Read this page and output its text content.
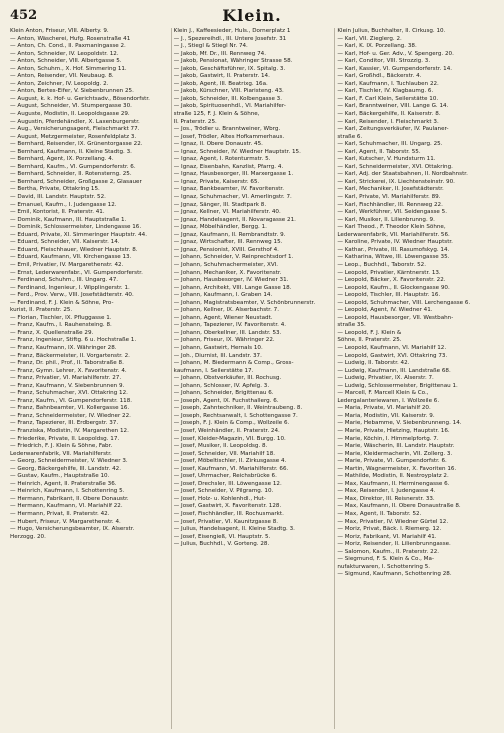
452	Klein.
Klein Anton, Friseur, VIII. Alberty. 9.
— Anton, Wäscherei, Hufg. Rosenstraße 41
— Anton, Ch. Cond., II. Paxmaningasse 2.
— Anton, Schneider, IV. Leopoldstr. 12.
— Anton, Schneider, VIII. Albertgasse 5.
— Anton, Schuhm., X. Hof. Simmering 11.
— Anton, Reisender, VII. Neubaug. 8.
— Anton, Zeichner, IV. Leopoldg. 2.
— Anton, Bertes-Eifer, V. Siebenbrunnen 25.
— August, k. k. Hof- u. Gerichtsadv., Bösendorfstr.
— August, Schneider, VI. Stumpergasse 30.
— Auguste, Modistin, II. Leopoldsgasse 29.
— Augustin, Pferdehändler, X. Laxenburgerstr.
— Aug., Versicherungsagent, Fleischmarkt 77.
— August, Metzgermeister, Rosenfeldplatz 3.
— Bernhard, Reisender, IX. Grünentorgasse 22.
— Bernhard, Kaufmann, II. Kleine Stadtg. 3.
— Bernhard, Agent, IX. Porzellang. 4.
— Bernhard, Kaufm., VI. Gumpendorferstr. 6.
— Bernhard, Schneider, II. Rotensterng. 25.
— Bernhard, Schneider, Großgasse 2, Glasauer
— Bertha, Private, Ottakring 15.
— David, III. Landstr. Hauptstr. 52.
— Emanuel, Kaufm., I. Judengasse 12.
— Emil, Kontorist, II. Praterstr. 41.
— Dominik, Kaufmann, III. Hauptstraße 1.
— Dominik, Schlossermeister, Lindengasse 16.
— Eduard, Private, XI. Simmeringer Hauptstr. 44.
— Eduard, Schneider, VII. Kaiserstr. 14.
— Eduard, Fleischhauer, Wiedner Hauptstr. 8.
— Eduard, Kaufmann, VII. Kirchengasse 13.
— Emil, Privatier, IV. Margarethenstr. 42.
— Ernst, Lederwarenfabr., VI. Gumpendorferstr.
— Ferdinand, Schuhm., III. Ungarg. 47.
— Ferdinand, Ingenieur, I. Wipplingerstr. 1.
— Ferd., Prov. Verw., VIII. Josefstädterstr. 40.
— Ferdinand, F. J. Klein & Söhne, Pro-
kurist, II. Praterstr. 25.
— Florian, Tischler, IX. Pfluggasse 1.
— Franz, Kaufm., I. Rauhensteing. 8.
— Franz, X. Quellenstraße 29.
— Franz, Ingenieur, Stiftg. 6 u. Hochstraße 1.
— Franz, Kaufmann, IX. Währinger 28.
— Franz, Bäckermeister, II. Vorgartenstr. 2.
— Franz, Dr. phil., Prof., II. Taborstraße 8.
— Franz, Gymn. Lehrer, X. Favoritenstr. 4.
— Franz, Privatier, VI. Mariahilferstr. 27.
— Franz, Kaufmann, V. Siebenbrunnen 9.
— Franz, Schuhmacher, XVI. Ottakring 12.
— Franz, Kaufm., VI. Gumpendorferstr. 118.
— Franz, Bahnbeamter, VI. Kollergasse 16.
— Franz, Schneidermeister, IV. Wiedner 22.
— Franz, Tapezierer, III. Erdbergstr. 37.
— Franziska, Modistin, IV. Margarethen 12.
— Friederike, Private, II. Leopoldsg. 17.
— Friedrich, F. J. Klein & Söhne, Fabr.
Lederwarenfabrik, VII. Mariahilferstr.
— Georg, Schneidermeister, V. Wiedner 3.
— Georg, Bäckergehilfe, III. Landstr. 42.
— Gustav, Kaufm., Hauptstraße 10.
— Heinrich, Agent, II. Praterstraße 36.
— Heinrich, Kaufmann, I. Schottenring 5.
— Hermann, Fabrikant, II. Obere Donaustr.
— Hermann, Kaufmann, VI. Mariahilf 22.
— Hermann, Privat, II. Praterstr. 42.
— Hubert, Friseur, V. Margarethenstr. 4.
— Hugo, Versicherungsbeamter, IX. Alserstr.
Herzogg. 20.
Klein J., Kaffeesieder, Huls., Dornerplatz 1
— J., Spezereihdl., III. Untere Josefstr. 31
— J., Stiegl & Stiegl Nr. 74.
— Jakob, Mf. Dr., III. Rennweg 74.
— Jakob, Pensionat, Währinger Strasse 58.
— Jakob, Geschäftsführer, IX. Spitalg. 3.
— Jakob, Gastwirt, II. Praterstr. 14.
— Jakob, Agent, III. Beatrixg. 16a.
— Jakob, Kürschner, VIII. Piaristeng. 43.
— Jakob, Schneider, III. Kolbengasse 3.
— Jakob, Spirituosenhdl., VI. Mariahilfer-
straße 125, F. J. Klein & Söhne,
II. Praterstr. 25.
— Jos., Trödler u. Branntweiner, Wbrg.
— Josef, Trödler, Altes Hofkammerhaus.
— Ignaz, II. Obere Donaustr. 45.
— Ignaz, Schneider, IV. Wiedner Hauptstr. 15.
— Ignaz, Agent, I. Rotenturmstr. 5.
— Ignaz, Eisenbahn, Kanzlist, Pfarrg. 4.
— Ignaz, Hausbesorger, III. Marxergasse 1.
— Ignaz, Private, Kaiserstr. 65.
— Ignaz, Bankbeamter, IV. Favoritenstr.
— Ignaz, Schuhmacher, VI. Amerlingstr. 7.
— Jgnaz, Sänger, III. Stadtpark 8.
— Jgnaz, Kellner, VI. Mariahilferstr. 40.
— Jgnaz, Handelsagent, II. Novaragasse 21.
— Jgnaz, Möbelhändler, Bergg. 1.
— Jgnaz, Kaufmann, II. Rembrandtstr. 9.
— Jgnaz, Wirtschafter, III. Rennweg 15.
— Jgnaz, Pensionist, XVIII. Gersthof 4.
— Johann, Schneider, V. Reinprechtsdorf 1.
— Johann, Schuhmachermeister, XVI.
— Johann, Mechaniker, X. Favoritenstr.
— Johann, Hausbesorger, IV. Wiedner 31.
— Johann, Architekt, VIII. Lange Gasse 18.
— Johann, Kaufmann, I. Graben 14.
— Johann, Magistratsbeamter, V. Schönbrunnerstr.
— Johann, Kellner, IX. Alserbachstr. 7.
— Johann, Agent, Wiener Neustadt.
— Johann, Tapezierer, IV. Favoritenstr. 4.
— Johann, Oberkellner, III. Landstr. 53.
— Johann, Friseur, IX. Währinger 22.
— Johann, Gastwirt, Hernals 10.
— Joh., Diurnist, III. Landstr. 37.
— Johann, M. Biedermann & Comp., Gross-
kaufmann, I. Seilerstätte 17.
— Johann, Obstverkäufer, III. Rochusg.
— Johann, Schlosser, IV. Apfelg. 3.
— Johann, Schneider, Brigittenau 6.
— Joseph, Agent, IX. Fuchsthallerg. 6.
— Joseph, Zahntechniker, II. Weintraubeng. 8.
— Joseph, Rechtsanwalt, I. Schottengasse 7.
— Joseph, F. J. Klein & Comp., Wollzeile 6.
— Josef, Weinhändler, II. Praterstr. 24.
— Josef, Kleider-Magazin, VII. Burgg. 10.
— Josef, Musiker, II. Leopoldsg. 8.
— Josef, Schneider, VII. Mariahilf 18.
— Josef, Möbeltischler, II. Zirkusgasse 4.
— Josef, Kaufmann, VI. Mariahilferstr. 66.
— Josef, Uhrmacher, Reichsbrücke 6.
— Josef, Drechsler, III. Löwengasse 12.
— Josef, Schneider, V. Pilgramg. 10.
— Josef, Holz- u. Kohlenhdl., Hut-
— Josef, Gastwirt, X. Favoritenstr. 128.
— Josef, Fischhändler, III. Rochusmarkt.
— Josef, Privatier, VI. Kaunitzgasse 8.
— Julius, Handelsagent, II. Kleine Stadtg. 3.
— Josef, Eisengieß, VI. Hauptstr. 5.
— Julius, Buchhdl., V. Gorteng. 28.
Klein Julius, Buchhalter, II. Cirkusg. 10.
— Karl, VII. Zieglerg. 2.
— Karl, K. IX. Porzellang. 38.
— Karl, Hof- u. Ger. Adv., V. Spengerg. 20.
— Karl, Conditor, VIII. Strozzig. 3.
— Karl, Kassier, VI. Gumpendorferstr. 14.
— Karl, Großhdl., Bäckerstr. 4.
— Karl, Kaufmann, I. Tuchlauben 22.
— Karl, Tischler, IV. Klagbaumg. 6.
— Karl, F. Carl Klein, Seilerstätte 10.
— Karl, Branntweiner, VIII. Lange G. 14.
— Karl, Bäckergehilfe, II. Kaiserstr. 8.
— Karl, Reisender, I. Fleischmarkt 3.
— Karl, Zeitungsverkäufer, IV. Paulaner-
straße 6.
— Karl, Schuhmacher, III. Ungarg. 25.
— Karl, Agent, II. Taborstr. 55.
— Karl, Kutscher, V. Hundsturm 11.
— Karl, Schneidermeister, XVI. Ottakring.
— Karl, Adj. der Staatsbahnen, II. Nordbahnstr.
— Karl, Strickerei, IX. Liechtensteinstr. 90.
— Karl, Mechaniker, II. Josefstädterstr.
— Karl, Private, VI. Mariahilferstr. 89.
— Karl, Fischhändler, III. Rennweg 22.
— Karl, Werkführer, VII. Seidengasse 5.
— Karl, Musiker, II. Lilienbrunng. 9.
— Karl Theod., F. Theodor Klein Söhne,
Lederwarenfabrik, VII. Mariahilferstr. 56.
— Karoline, Private, IV. Wiedner Hauptstr.
— Kathar., Private, III. Rasumofskyg. 14.
— Katharina, Witwe, III. Löwengasse 35.
— Leop., Buchhdl., Taborstr. 52.
— Leopold, Privatier, Kärntnerstr. 13.
— Leopold, Bäcker, X. Favoritenstr. 22.
— Leopold, Kaufm., II. Glockengasse 90.
— Leopold, Tischler, III. Hauptstr. 16.
— Leopold, Schuhmacher, VIII. Lerchengasse 6.
— Leopold, Agent, IV. Wiedner 41.
— Leopold, Hausbesorger, VII. Westbahn-
straße 35.
— Leopold, F. J. Klein &
Söhne, II. Praterstr. 25.
— Leopold, Kaufmann, VI. Mariahilf 12.
— Leopold, Gastwirt, XVI. Ottakring 73.
— Ludwig, II. Taborstr. 42.
— Ludwig, Kaufmann, III. Landstraße 68.
— Ludwig, Privatier, IX. Alserstr. 7.
— Ludwig, Schlossermeister, Brigittenau 1.
— Marcell, F. Marcell Klein & Co.,
Ledergalanteriewaren, I. Wollzeile 6.
— Maria, Private, VI. Mariahilf 20.
— Maria, Modistin, VII. Kaiserstr. 9.
— Marie, Hebamme, V. Siebenbrunneng. 14.
— Marie, Private, Hietzing, Hauptstr. 16.
— Marie, Köchin, I. Himmelpfortg. 7.
— Marie, Wäscherin, III. Landstr. Hauptstr.
— Marie, Kleidermacherin, VII. Zollerg. 3.
— Marie, Private, VI. Gumpendorfstr. 6.
— Martin, Wagnermeister, X. Favoriten 16.
— Mathilde, Modistin, II. Nestroyplatz 2.
— Max, Kaufmann, II. Herminengasse 6.
— Max, Reisender, I. Judengasse 4.
— Max, Direktor, III. Reisnerstr. 33.
— Max, Kaufmann, II. Obere Donaustraße 8.
— Max, Agent, II. Taborstr. 52.
— Max, Privatier, IV. Wiedner Gürtel 12.
— Moriz, Privat, Bäck. I. Riemerg. 12.
— Moriz, Fabrikant, VI. Mariahilf 41.
— Moriz, Reisender, II. Lilienbrunngasse.
— Salomon, Kaufm., II. Praterstr. 22.
— Siegmund, F. S. Klein & Co., Ma-
nufakturwaren, I. Schottenring 5.
— Sigmund, Kaufmann, Schottenring 28.
